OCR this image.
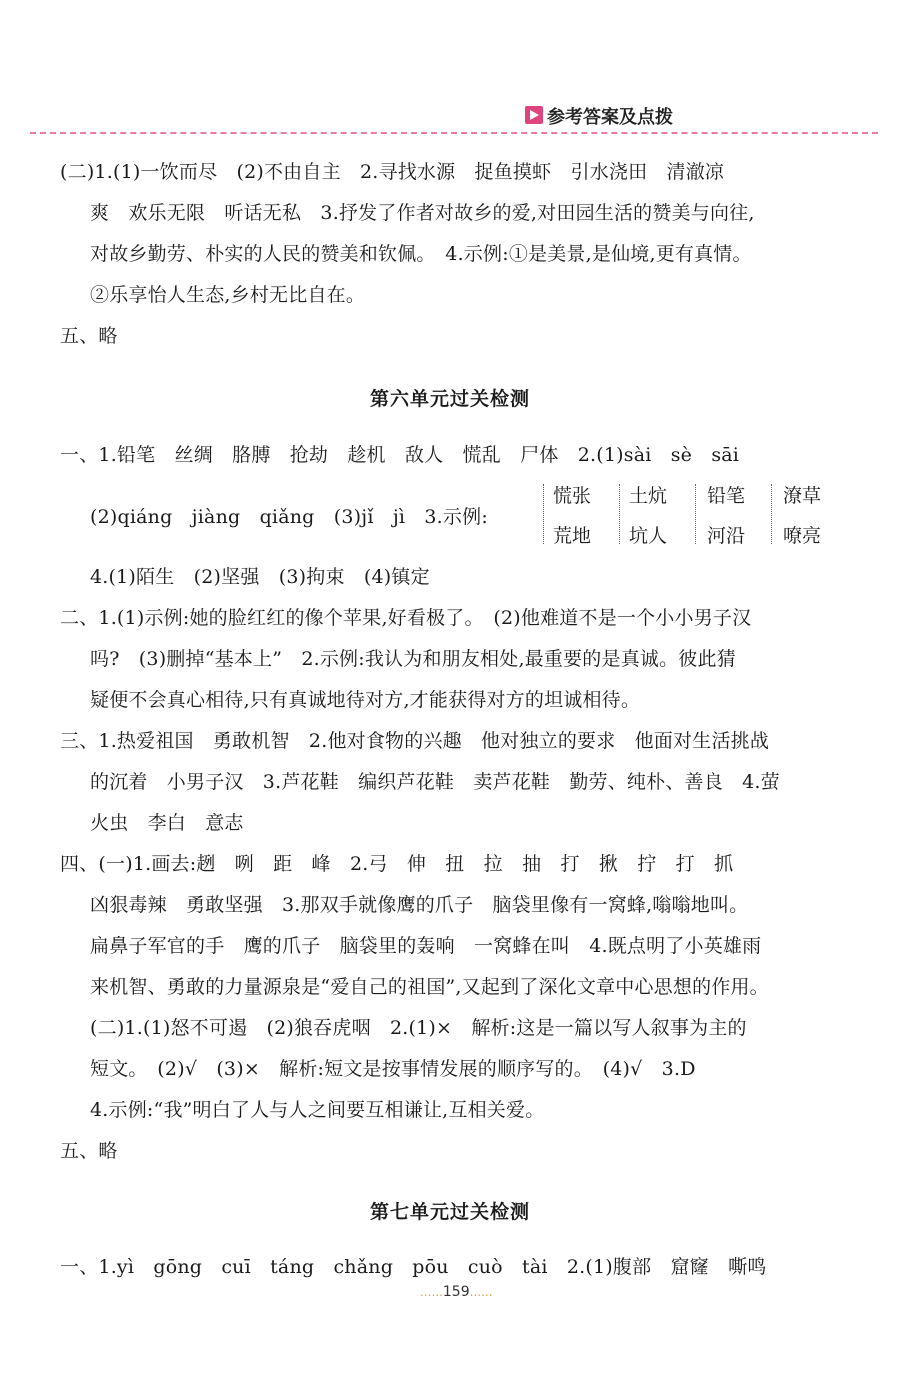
参考答案及点拨
(二)1.(1)一饮而尽　(2)不由自主　2.寻找水源　捉鱼摸虾　引水浇田　清澈凉
爽　欢乐无限　听话无私　3.抒发了作者对故乡的爱,对田园生活的赞美与向往,
对故乡勤劳、朴实的人民的赞美和钦佩。　4.示例:①是美景,是仙境,更有真情。
②乐享怡人生态,乡村无比自在。
五、略
第六单元过关检测
一、1.铅笔　丝绸　胳膊　抢劫　趁机　敌人　慌乱　尸体　2.(1)sài　sè　sāi
(2)qiáng　jiàng　qiǎng　(3)jǐ　jì　3.示例:
慌张
荒地
土炕
坑人
铅笔
河沿
潦草
嘹亮
4.(1)陌生　(2)坚强　(3)拘束　(4)镇定
二、1.(1)示例:她的脸红红的像个苹果,好看极了。　(2)他难道不是一个小小男子汉
吗?　(3)删掉“基本上”　2.示例:我认为和朋友相处,最重要的是真诚。彼此猜
疑便不会真心相待,只有真诚地待对方,才能获得对方的坦诚相待。
三、1.热爱祖国　勇敢机智　2.他对食物的兴趣　他对独立的要求　他面对生活挑战
的沉着　小男子汉　3.芦花鞋　编织芦花鞋　卖芦花鞋　勤劳、纯朴、善良　4.萤
火虫　李白　意志
四、(一)1.画去:趔　咧　距　峰　2.弓　伸　扭　拉　抽　打　揪　拧　打　抓
凶狠毒辣　勇敢坚强　3.那双手就像鹰的爪子　脑袋里像有一窝蜂,嗡嗡地叫。
扁鼻子军官的手　鹰的爪子　脑袋里的轰响　一窝蜂在叫　4.既点明了小英雄雨
来机智、勇敢的力量源泉是“爱自己的祖国”,又起到了深化文章中心思想的作用。
(二)1.(1)怒不可遏　(2)狼吞虎咽　2.(1)×　解析:这是一篇以写人叙事为主的
短文。　(2)√　(3)×　解析:短文是按事情发展的顺序写的。　(4)√　3.D
4.示例:“我”明白了人与人之间要互相谦让,互相关爱。
五、略
第七单元过关检测
一、1.yì　gōng　cuī　táng　chǎng　pōu　cuò　tài　2.(1)腹部　窟窿　嘶鸣
...... 159 ......
